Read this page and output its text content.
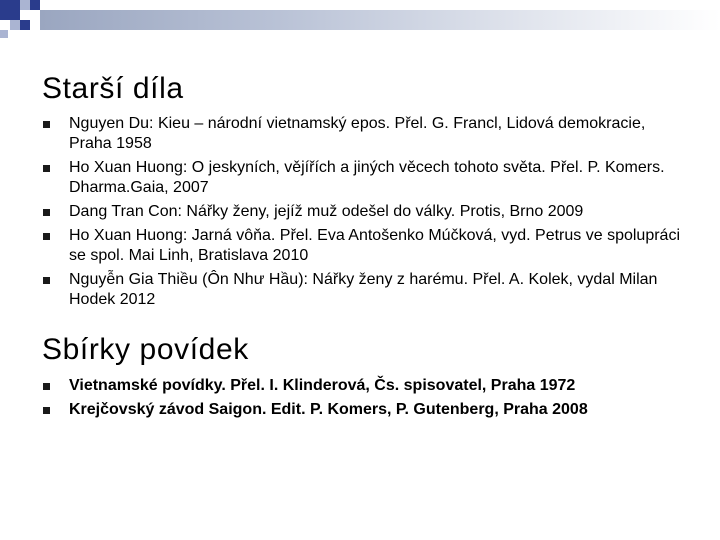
Starší díla
Nguyen Du: Kieu – národní vietnamský epos. Přel. G. Francl, Lidová demokracie, Praha 1958
Ho Xuan Huong: O jeskyních, vějířích a jiných věcech tohoto světa. Přel. P. Komers. Dharma.Gaia, 2007
Dang Tran Con: Nářky ženy, jejíž muž odešel do války. Protis, Brno 2009
Ho Xuan Huong: Jarná vôňa. Přel. Eva Antošenko Múčková, vyd. Petrus ve spolupráci se spol. Mai Linh, Bratislava 2010
Nguyễn Gia Thiều (Ôn Như Hầu): Nářky ženy z harému. Přel. A. Kolek, vydal Milan Hodek 2012
Sbírky povídek
Vietnamské povídky. Přel. I. Klinderová, Čs. spisovatel, Praha 1972
Krejčovský závod Saigon. Edit. P. Komers, P. Gutenberg, Praha 2008
